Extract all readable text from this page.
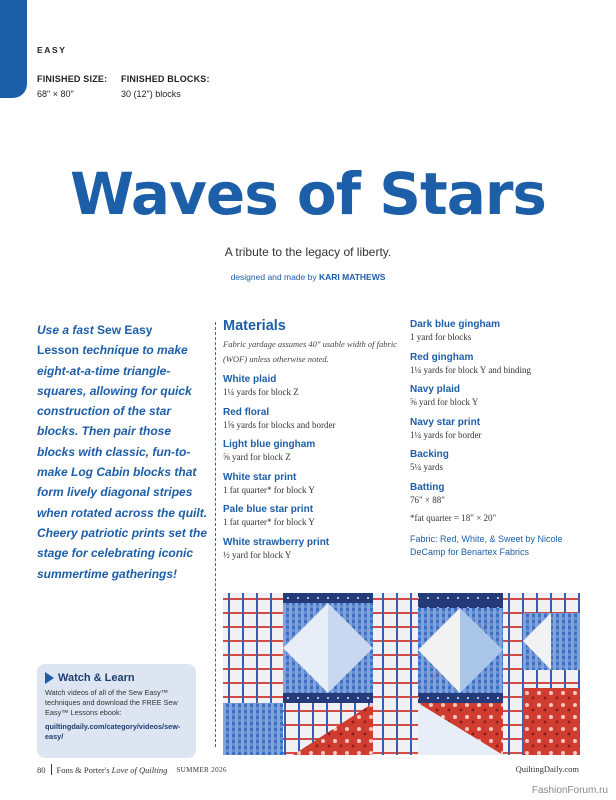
EASY
FINISHED SIZE:
68" × 80"
FINISHED BLOCKS:
30 (12") blocks
Waves of Stars
A tribute to the legacy of liberty.
designed and made by KARI MATHEWS
Use a fast Sew Easy
Lesson technique to make eight-at-a-time triangle-squares, allowing for quick construction of the star blocks. Then pair those blocks with classic, fun-to-make Log Cabin blocks that form lively diagonal stripes when rotated across the quilt. Cheery patriotic prints set the stage for celebrating iconic summertime gatherings!
Materials
Fabric yardage assumes 40" usable width of fabric (WOF) unless otherwise noted.
White plaid
1¼ yards for block Z
Red floral
1⅝ yards for blocks and border
Light blue gingham
⅝ yard for block Z
White star print
1 fat quarter* for block Y
Pale blue star print
1 fat quarter* for block Y
White strawberry print
½ yard for block Y
Dark blue gingham
1 yard for blocks
Red gingham
1¼ yards for block Y and binding
Navy plaid
⅝ yard for block Y
Navy star print
1¼ yards for border
Backing
5¼ yards
Batting
76" × 88"
*fat quarter = 18" × 20"
Fabric: Red, White, & Sweet by Nicole DeCamp for Benartex Fabrics
Watch & Learn
Watch videos of all of the Sew Easy™ techniques and download the FREE Sew Easy™ Lessons ebook:
quiltingdaily.com/category/videos/sew-easy/
80 Fons & Porter's Love of Quilting SUMMER 2026	QuiltingDaily.com
FashionForum.ru
